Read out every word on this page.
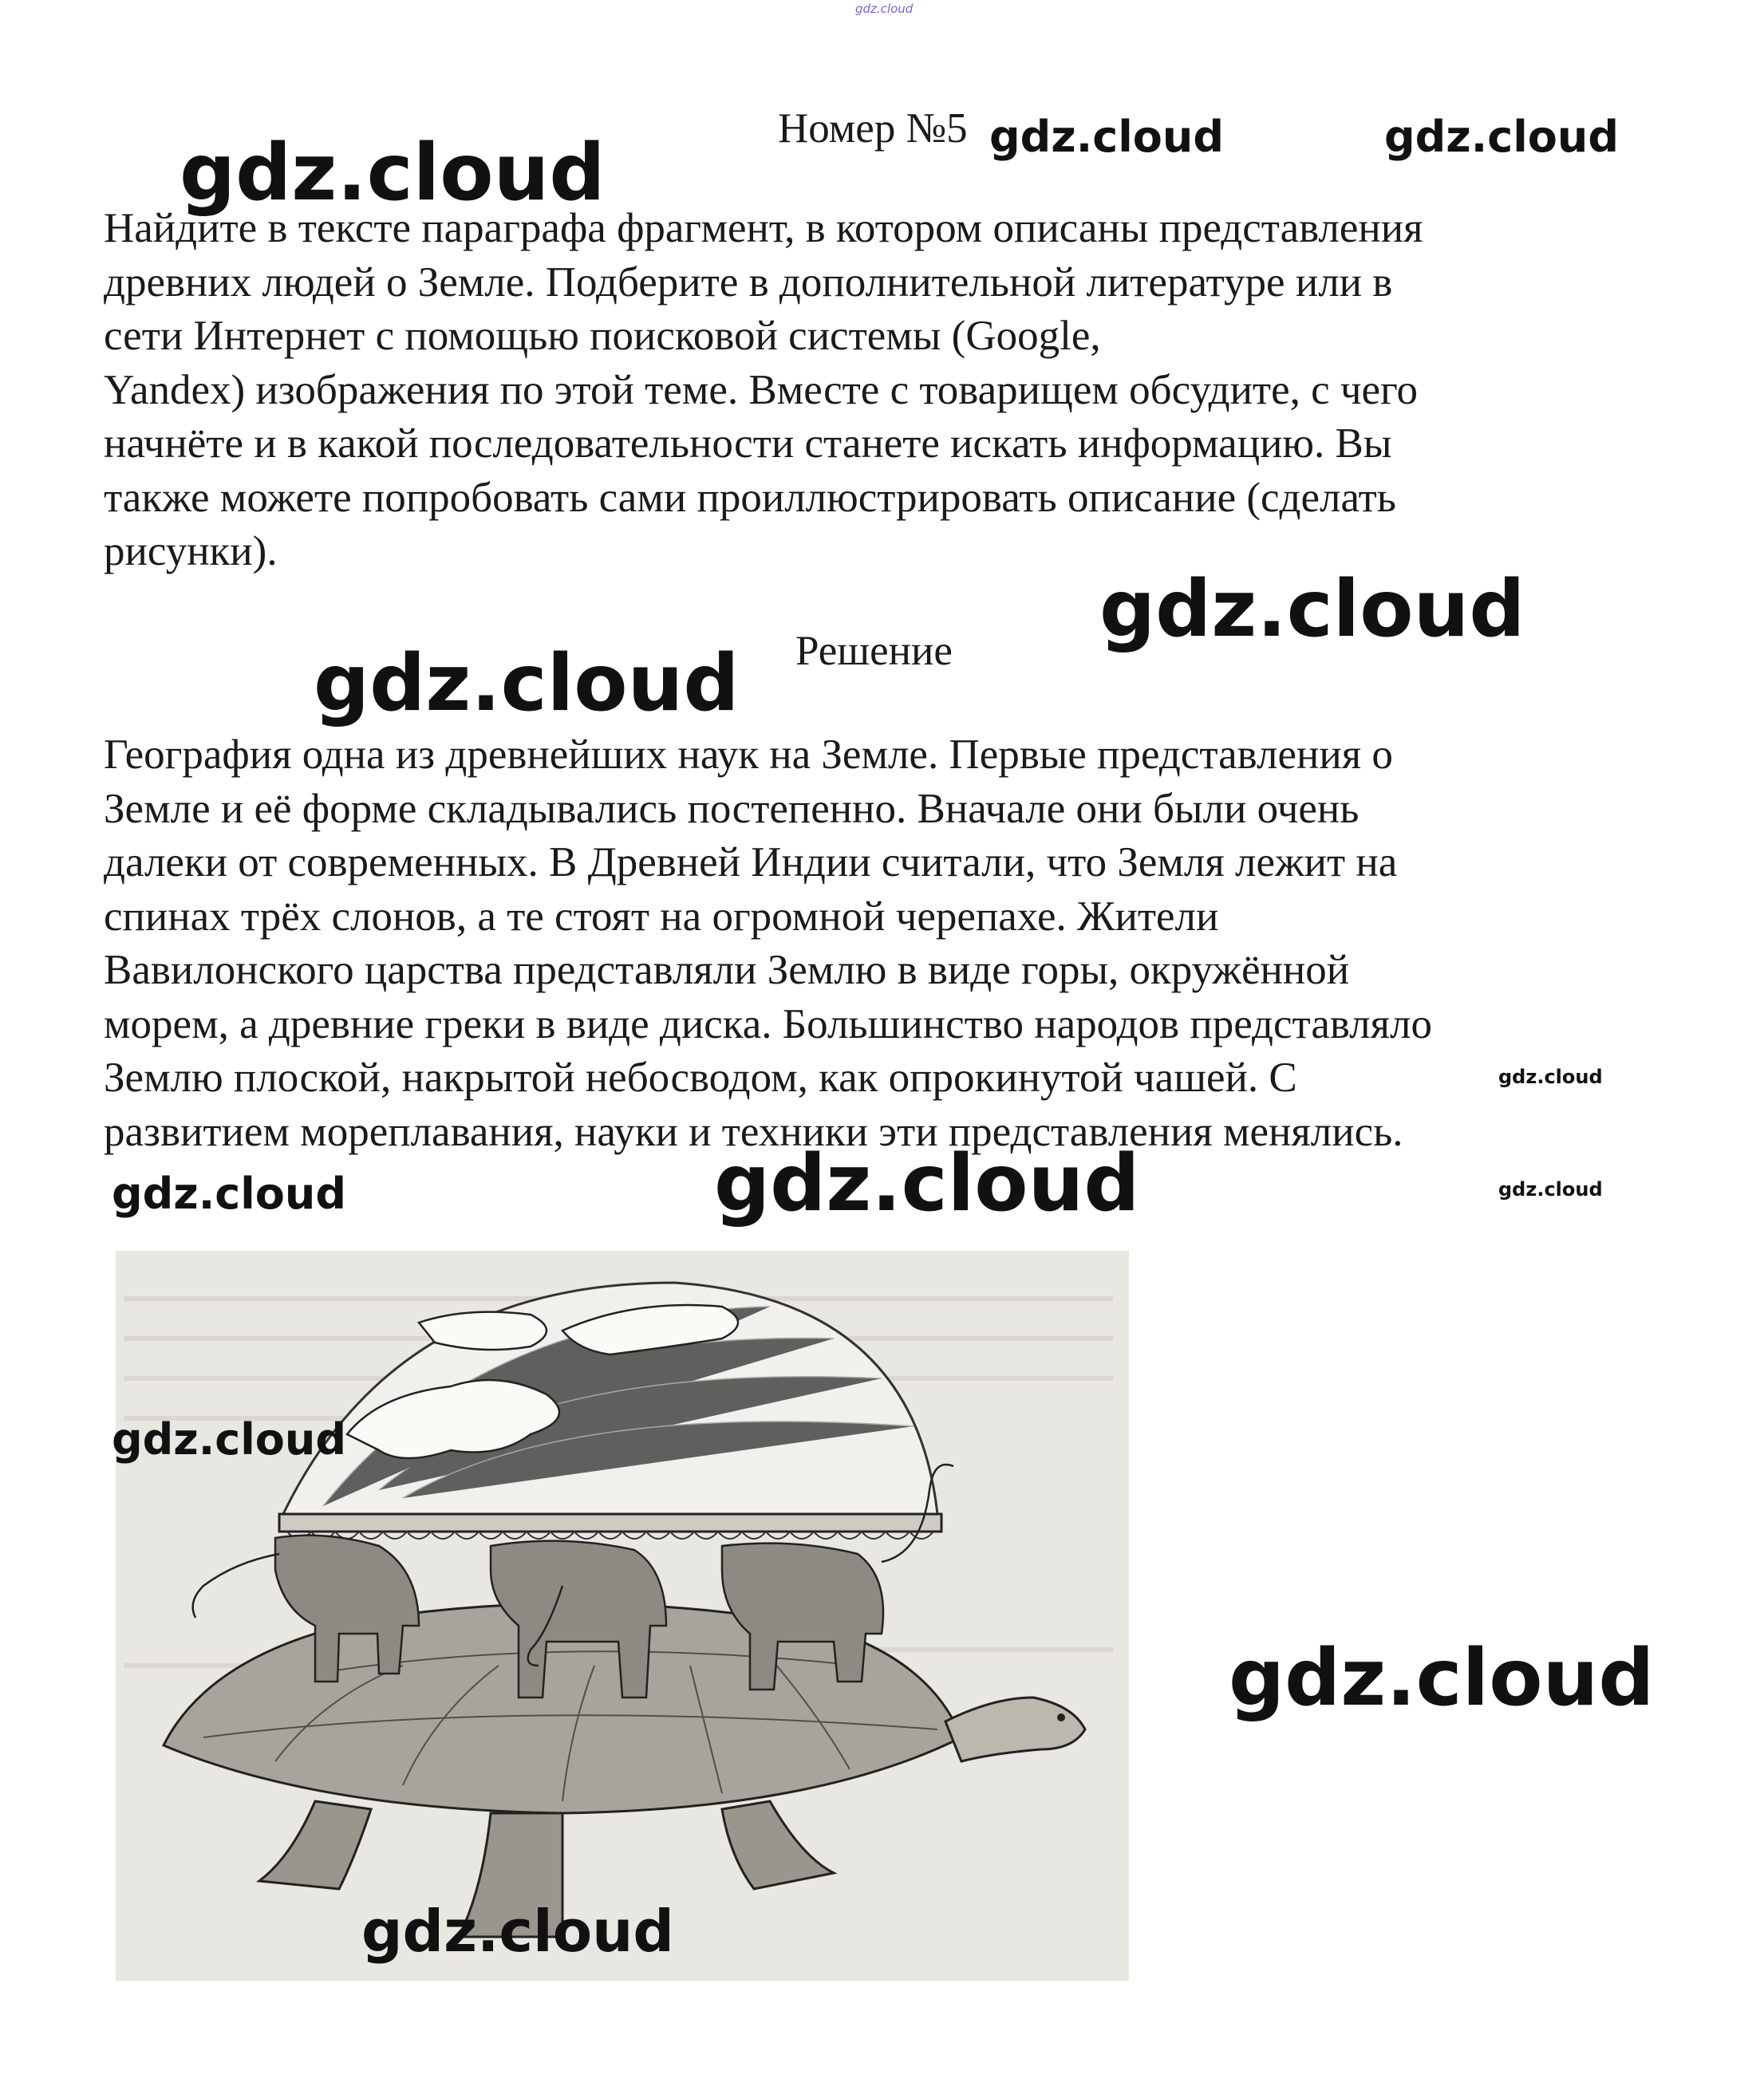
gdz.cloud
Номер №5
Найдите в тексте параграфа фрагмент, в котором описаны представления
древних людей о Земле. Подберите в дополнительной литературе или в
сети Интернет с помощью поисковой системы (Google,
Yandex) изображения по этой теме. Вместе с товарищем обсудите, с чего
начнёте и в какой последовательности станете искать информацию. Вы
также можете попробовать сами проиллюстрировать описание (сделать
рисунки).
Решение
География одна из древнейших наук на Земле. Первые представления о
Земле и её форме складывались постепенно. Вначале они были очень
далеки от современных. В Древней Индии считали, что Земля лежит на
спинах трёх слонов, а те стоят на огромной черепахе. Жители
Вавилонского царства представляли Землю в виде горы, окружённой
морем, а древние греки в виде диска. Большинство народов представляло
Землю плоской, накрытой небосводом, как опрокинутой чашей. С
развитием мореплавания, науки и техники эти представления менялись.
gdz.cloud	gdz.cloud	gdz.cloud
gdz.cloud
gdz.cloud
gdz.cloud
gdz.cloud	gdz.cloud	gdz.cloud
gdz.cloud
gdz.cloud
gdz.cloud
